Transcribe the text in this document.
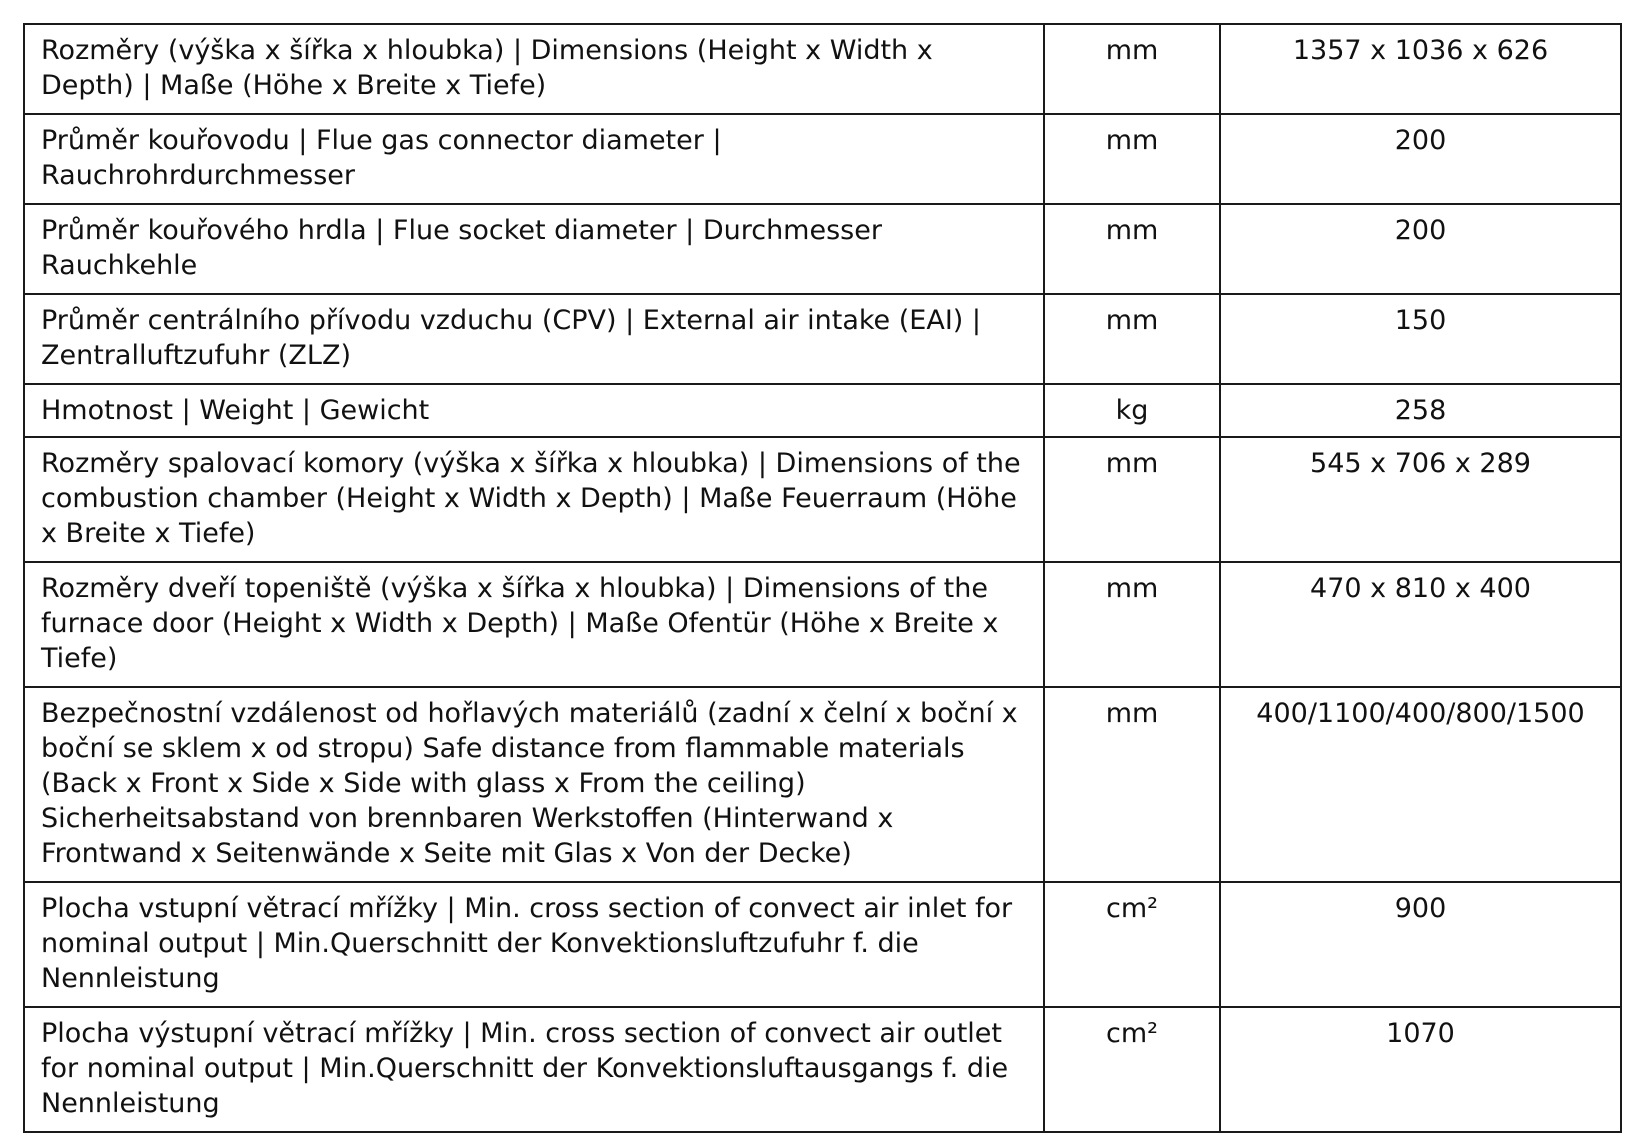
Rozměry (výška x šířka x hloubka) | Dimensions (Height x Width x Depth) | Maße (Höhe x Breite x Tiefe)	mm	1357 x 1036 x 626
Průměr kouřovodu | Flue gas connector diameter | Rauchrohrdurchmesser	mm	200
Průměr kouřového hrdla | Flue socket diameter | Durchmesser Rauchkehle	mm	200
Průměr centrálního přívodu vzduchu (CPV) | External air intake (EAI) | Zentralluftzufuhr (ZLZ)	mm	150
Hmotnost | Weight | Gewicht	kg	258
Rozměry spalovací komory (výška x šířka x hloubka) | Dimensions of the combustion chamber (Height x Width x Depth) | Maße Feuerraum (Höhe x Breite x Tiefe)	mm	545 x 706 x 289
Rozměry dveří topeniště (výška x šířka x hloubka) | Dimensions of the furnace door (Height x Width x Depth) | Maße Ofentür (Höhe x Breite x Tiefe)	mm	470 x 810 x 400
Bezpečnostní vzdálenost od hořlavých materiálů (zadní x čelní x boční x boční se sklem x od stropu) Safe distance from flammable materials (Back x Front x Side x Side with glass x From the ceiling) Sicherheitsabstand von brennbaren Werkstoffen (Hinterwand x Frontwand x Seitenwände x Seite mit Glas x Von der Decke)	mm	400/1100/400/800/1500
Plocha vstupní větrací mřížky | Min. cross section of convect air inlet for nominal output | Min.Querschnitt der Konvektionsluftzufuhr f. die Nennleistung	cm²	900
Plocha výstupní větrací mřížky | Min. cross section of convect air outlet for nominal output | Min.Querschnitt der Konvektionsluftausgangs f. die Nennleistung	cm²	1070
